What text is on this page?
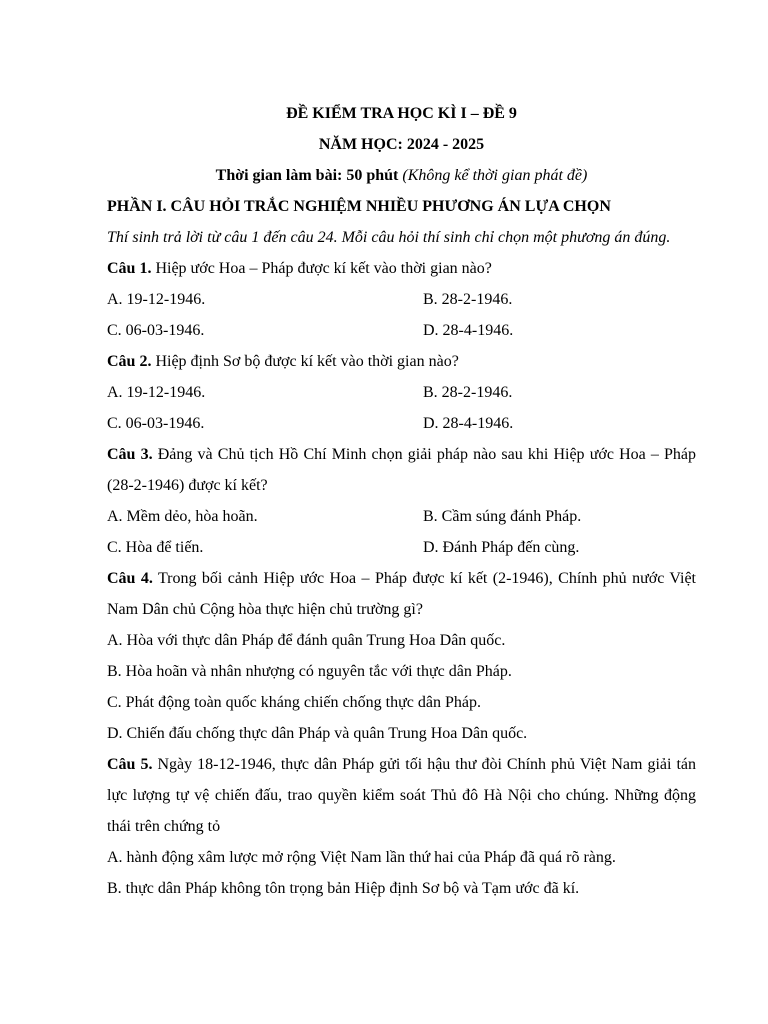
ĐỀ KIỂM TRA HỌC KÌ I – ĐỀ 9
NĂM HỌC: 2024 - 2025
Thời gian làm bài: 50 phút (Không kể thời gian phát đề)
PHẦN I. CÂU HỎI TRẮC NGHIỆM NHIỀU PHƯƠNG ÁN LỰA CHỌN
Thí sinh trả lời từ câu 1 đến câu 24. Mỗi câu hỏi thí sinh chỉ chọn một phương án đúng.
Câu 1. Hiệp ước Hoa – Pháp được kí kết vào thời gian nào?
A. 19-12-1946.	B. 28-2-1946.
C. 06-03-1946.	D. 28-4-1946.
Câu 2. Hiệp định Sơ bộ được kí kết vào thời gian nào?
A. 19-12-1946.	B. 28-2-1946.
C. 06-03-1946.	D. 28-4-1946.
Câu 3. Đảng và Chủ tịch Hồ Chí Minh chọn giải pháp nào sau khi Hiệp ước Hoa – Pháp (28-2-1946) được kí kết?
A. Mềm dẻo, hòa hoãn.	B. Cầm súng đánh Pháp.
C. Hòa để tiến.	D. Đánh Pháp đến cùng.
Câu 4. Trong bối cảnh Hiệp ước Hoa – Pháp được kí kết (2-1946), Chính phủ nước Việt Nam Dân chủ Cộng hòa thực hiện chủ trường gì?
A. Hòa với thực dân Pháp để đánh quân Trung Hoa Dân quốc.
B. Hòa hoãn và nhân nhượng có nguyên tắc với thực dân Pháp.
C. Phát động toàn quốc kháng chiến chống thực dân Pháp.
D. Chiến đấu chống thực dân Pháp và quân Trung Hoa Dân quốc.
Câu 5. Ngày 18-12-1946, thực dân Pháp gửi tối hậu thư đòi Chính phủ Việt Nam giải tán lực lượng tự vệ chiến đấu, trao quyền kiểm soát Thủ đô Hà Nội cho chúng. Những động thái trên chứng tỏ
A. hành động xâm lược mở rộng Việt Nam lần thứ hai của Pháp đã quá rõ ràng.
B. thực dân Pháp không tôn trọng bản Hiệp định Sơ bộ và Tạm ước đã kí.
